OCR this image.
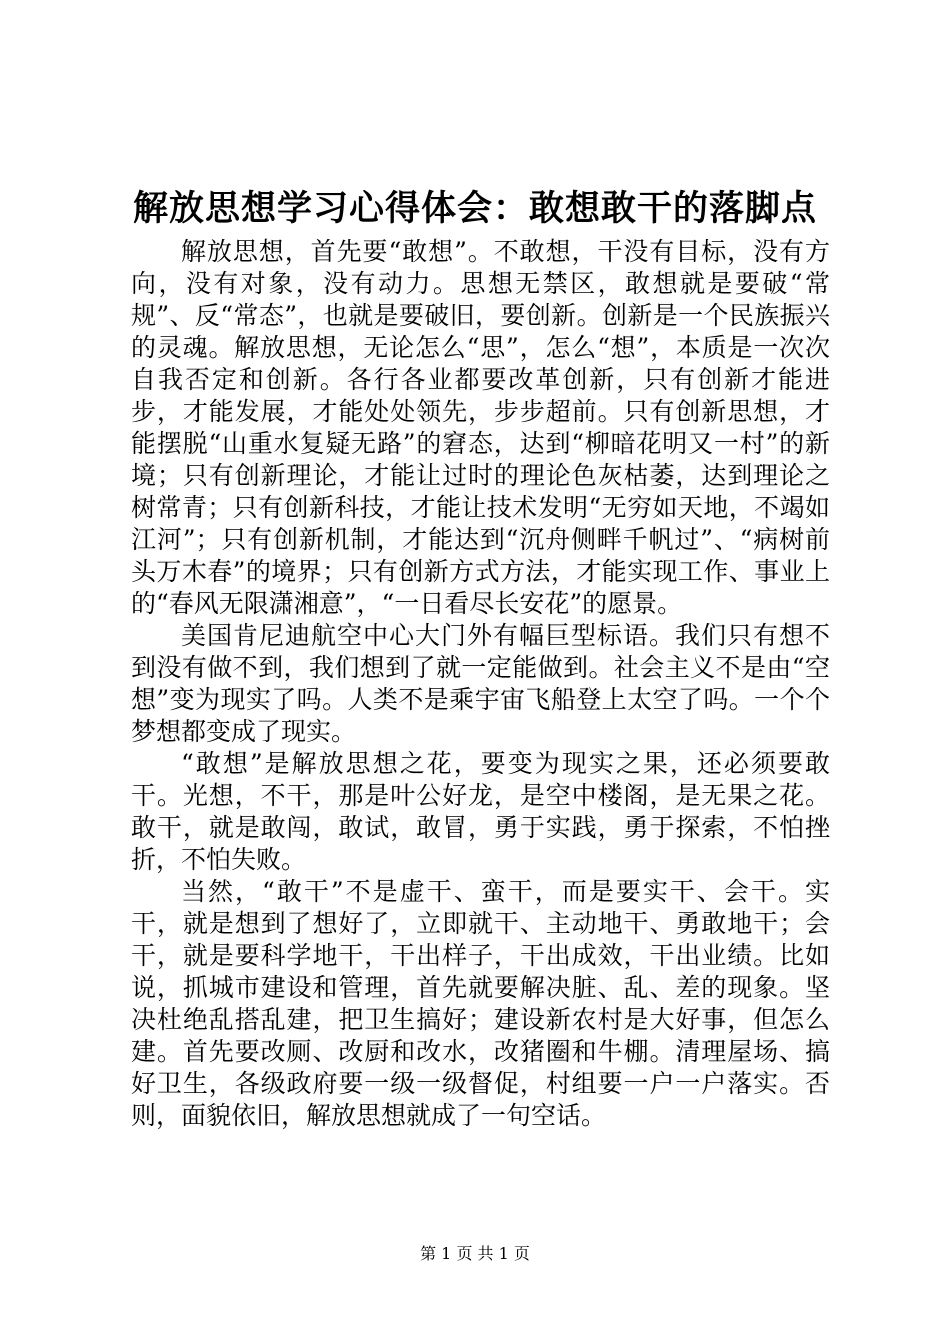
解放思想学习心得体会：敢想敢干的落脚点

解放思想，首先要“敢想”。不敢想，干没有目标，没有方向，没有对象，没有动力。思想无禁区，敢想就是要破“常规”、反“常态”，也就是要破旧，要创新。创新是一个民族振兴的灵魂。解放思想，无论怎么“思”，怎么“想”，本质是一次次自我否定和创新。各行各业都要改革创新，只有创新才能进步，才能发展，才能处处领先，步步超前。只有创新思想，才能摆脱“山重水复疑无路”的窘态，达到“柳暗花明又一村”的新境；只有创新理论，才能让过时的理论色灰枯萎，达到理论之树常青；只有创新科技，才能让技术发明“无穷如天地，不竭如江河”；只有创新机制，才能达到“沉舟侧畔千帆过”、“病树前头万木春”的境界；只有创新方式方法，才能实现工作、事业上的“春风无限潇湘意”，“一日看尽长安花”的愿景。

美国肯尼迪航空中心大门外有幅巨型标语。我们只有想不到没有做不到，我们想到了就一定能做到。社会主义不是由“空想”变为现实了吗。人类不是乘宇宙飞船登上太空了吗。一个个梦想都变成了现实。

“敢想”是解放思想之花，要变为现实之果，还必须要敢干。光想，不干，那是叶公好龙，是空中楼阁，是无果之花。敢干，就是敢闯，敢试，敢冒，勇于实践，勇于探索，不怕挫折，不怕失败。

当然，“敢干”不是虚干、蛮干，而是要实干、会干。实干，就是想到了想好了，立即就干、主动地干、勇敢地干；会干，就是要科学地干，干出样子，干出成效，干出业绩。比如说，抓城市建设和管理，首先就要解决脏、乱、差的现象。坚决杜绝乱搭乱建，把卫生搞好；建设新农村是大好事，但怎么建。首先要改厕、改厨和改水，改猪圈和牛棚。清理屋场、搞好卫生，各级政府要一级一级督促，村组要一户一户落实。否则，面貌依旧，解放思想就成了一句空话。

第 1 页 共 1 页
